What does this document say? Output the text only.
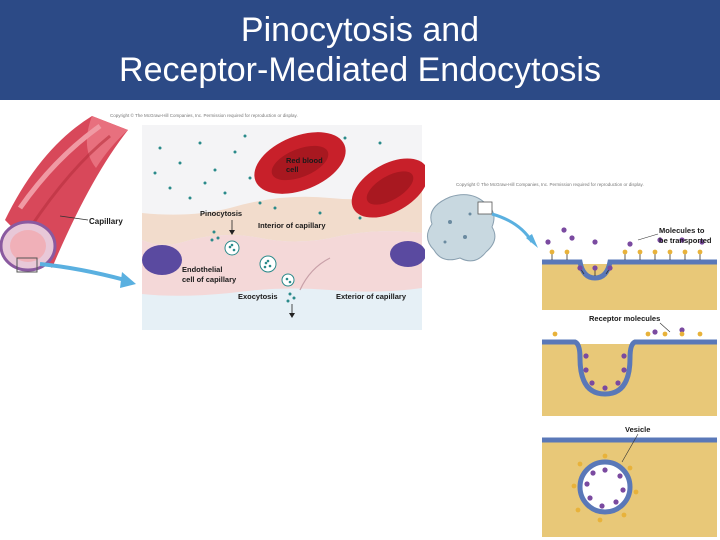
Pinocytosis and
Receptor-Mediated Endocytosis
Copyright © The McGraw-Hill Companies, Inc. Permission required for reproduction or display.
Capillary
Red blood
cell
Pinocytosis
Interior of capillary
Endothelial
cell of capillary
Exocytosis	Exterior of capillary
Copyright © The McGraw-Hill Companies, Inc. Permission required for reproduction or display.
Molecules to
be transported
Receptor molecules
Vesicle
